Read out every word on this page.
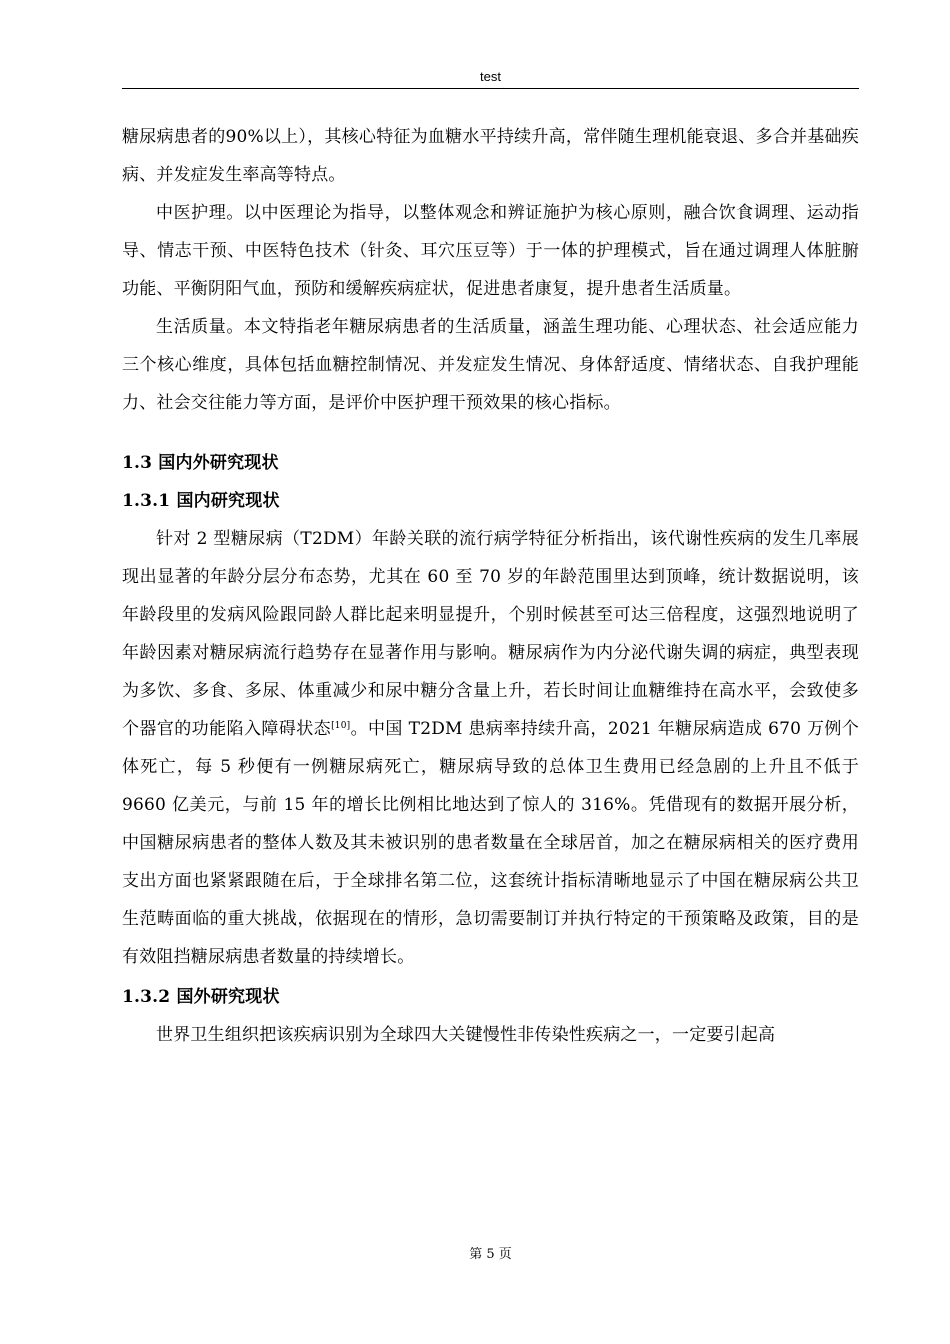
test

糖尿病患者的90%以上），其核心特征为血糖水平持续升高，常伴随生理机能衰退、多合并基础疾病、并发症发生率高等特点。

中医护理。以中医理论为指导，以整体观念和辨证施护为核心原则，融合饮食调理、运动指导、情志干预、中医特色技术（针灸、耳穴压豆等）于一体的护理模式，旨在通过调理人体脏腑功能、平衡阴阳气血，预防和缓解疾病症状，促进患者康复，提升患者生活质量。

生活质量。本文特指老年糖尿病患者的生活质量，涵盖生理功能、心理状态、社会适应能力三个核心维度，具体包括血糖控制情况、并发症发生情况、身体舒适度、情绪状态、自我护理能力、社会交往能力等方面，是评价中医护理干预效果的核心指标。

1.3 国内外研究现状

1.3.1 国内研究现状

针对 2 型糖尿病（T2DM）年龄关联的流行病学特征分析指出，该代谢性疾病的发生几率展现出显著的年龄分层分布态势，尤其在 60 至 70 岁的年龄范围里达到顶峰，统计数据说明，该年龄段里的发病风险跟同龄人群比起来明显提升，个别时候甚至可达三倍程度，这强烈地说明了年龄因素对糖尿病流行趋势存在显著作用与影响。糖尿病作为内分泌代谢失调的病症，典型表现为多饮、多食、多尿、体重减少和尿中糖分含量上升，若长时间让血糖维持在高水平，会致使多个器官的功能陷入障碍状态[10]。中国 T2DM 患病率持续升高，2021 年糖尿病造成 670 万例个体死亡，每 5 秒便有一例糖尿病死亡，糖尿病导致的总体卫生费用已经急剧的上升且不低于 9660 亿美元，与前 15 年的增长比例相比地达到了惊人的 316%。凭借现有的数据开展分析，中国糖尿病患者的整体人数及其未被识别的患者数量在全球居首，加之在糖尿病相关的医疗费用支出方面也紧紧跟随在后，于全球排名第二位，这套统计指标清晰地显示了中国在糖尿病公共卫生范畴面临的重大挑战，依据现在的情形，急切需要制订并执行特定的干预策略及政策，目的是有效阻挡糖尿病患者数量的持续增长。

1.3.2 国外研究现状

世界卫生组织把该疾病识别为全球四大关键慢性非传染性疾病之一，一定要引起高

第 5 页
